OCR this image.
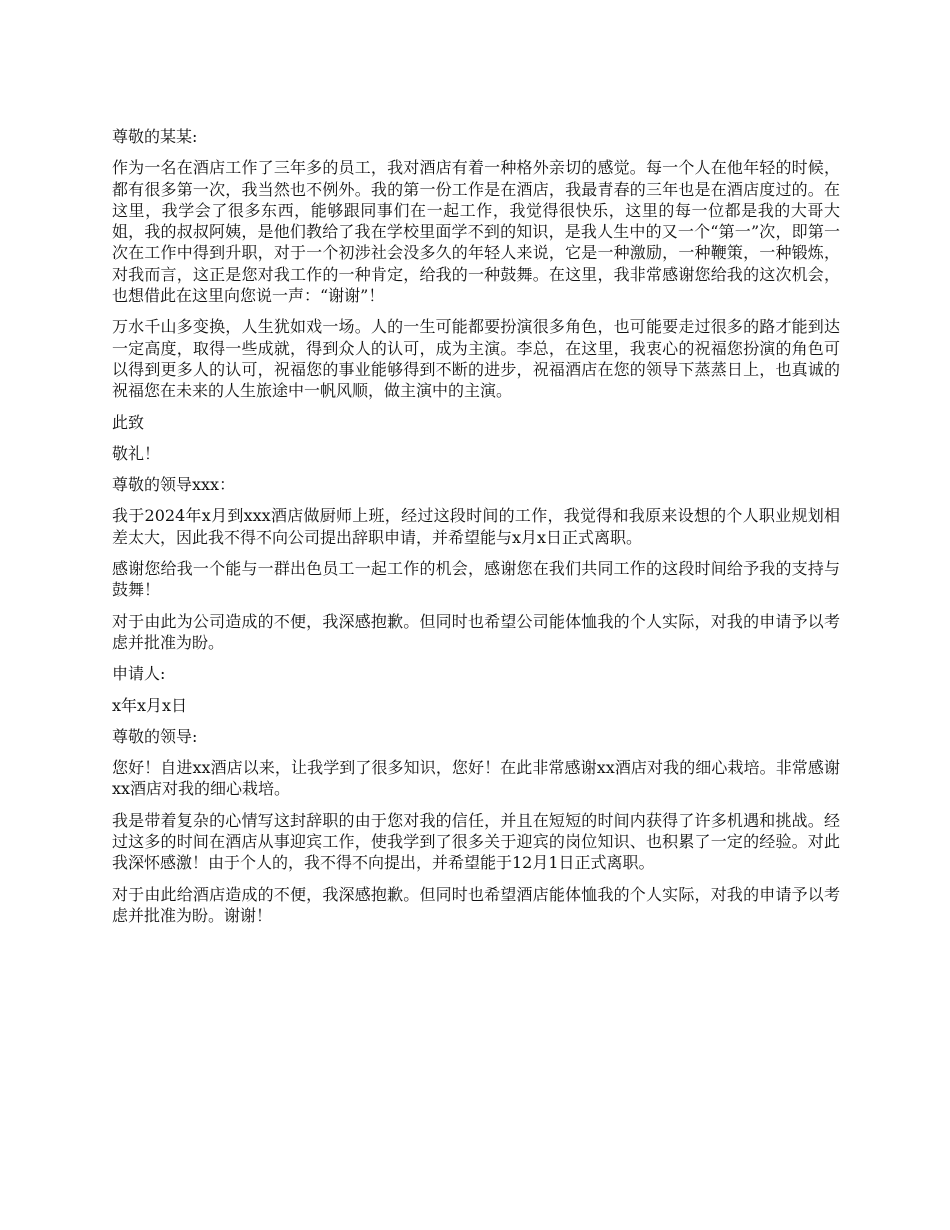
尊敬的某某:

作为一名在酒店工作了三年多的员工，我对酒店有着一种格外亲切的感觉。每一个人在他年轻的时候，都有很多第一次，我当然也不例外。我的第一份工作是在酒店，我最青春的三年也是在酒店度过的。在这里，我学会了很多东西，能够跟同事们在一起工作，我觉得很快乐，这里的每一位都是我的大哥大姐，我的叔叔阿姨，是他们教给了我在学校里面学不到的知识，是我人生中的又一个“第一”次，即第一次在工作中得到升职，对于一个初涉社会没多久的年轻人来说，它是一种激励，一种鞭策，一种锻炼，对我而言，这正是您对我工作的一种肯定，给我的一种鼓舞。在这里，我非常感谢您给我的这次机会，也想借此在这里向您说一声：“谢谢”！

万水千山多变换，人生犹如戏一场。人的一生可能都要扮演很多角色，也可能要走过很多的路才能到达一定高度，取得一些成就，得到众人的认可，成为主演。李总，在这里，我衷心的祝福您扮演的角色可以得到更多人的认可，祝福您的事业能够得到不断的进步，祝福酒店在您的领导下蒸蒸日上，也真诚的祝福您在未来的人生旅途中一帆风顺，做主演中的主演。

此致

敬礼！

尊敬的领导xxx：

我于2024年x月到xxx酒店做厨师上班，经过这段时间的工作，我觉得和我原来设想的个人职业规划相差太大，因此我不得不向公司提出辞职申请，并希望能与x月x日正式离职。

感谢您给我一个能与一群出色员工一起工作的机会，感谢您在我们共同工作的这段时间给予我的支持与鼓舞！

对于由此为公司造成的不便，我深感抱歉。但同时也希望公司能体恤我的个人实际，对我的申请予以考虑并批准为盼。

申请人:

x年x月x日

尊敬的领导:

您好！自进xx酒店以来，让我学到了很多知识，您好！在此非常感谢xx酒店对我的细心栽培。非常感谢xx酒店对我的细心栽培。

我是带着复杂的心情写这封辞职的由于您对我的信任，并且在短短的时间内获得了许多机遇和挑战。经过这多的时间在酒店从事迎宾工作，使我学到了很多关于迎宾的岗位知识、也积累了一定的经验。对此我深怀感激！由于个人的，我不得不向提出，并希望能于12月1日正式离职。

对于由此给酒店造成的不便，我深感抱歉。但同时也希望酒店能体恤我的个人实际，对我的申请予以考虑并批准为盼。谢谢！
